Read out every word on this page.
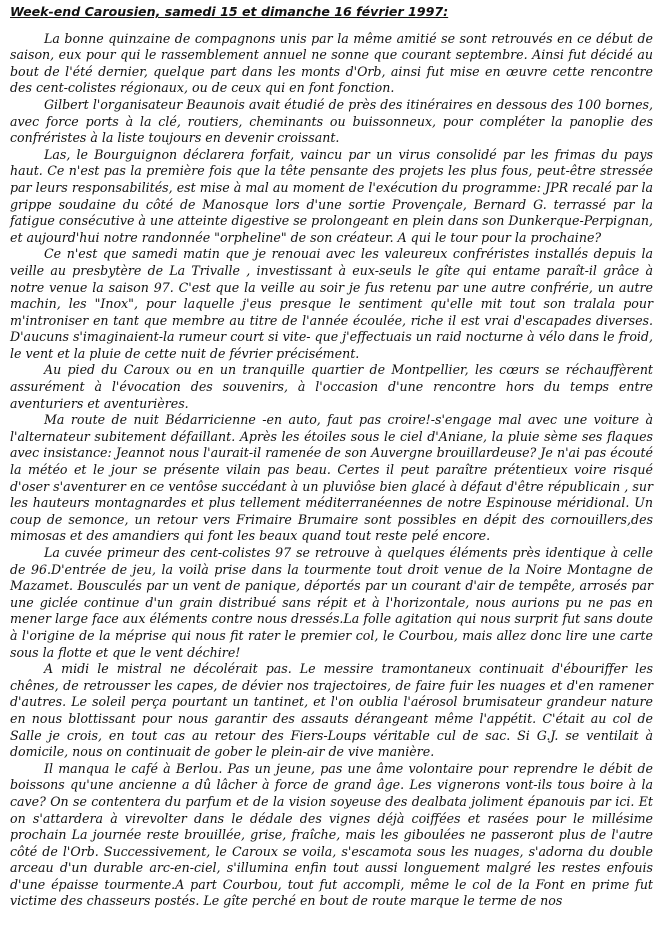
Week-end Carousien, samedi 15 et dimanche 16 février 1997:

La bonne quinzaine de compagnons unis par la même amitié se sont retrouvés en ce début de saison, eux pour qui le rassemblement annuel ne sonne que courant septembre. Ainsi fut décidé au bout de l'été dernier, quelque part dans les monts d'Orb, ainsi fut mise en œuvre cette rencontre des cent-colistes régionaux, ou de ceux qui en font fonction.

Gilbert l'organisateur Beaunois avait étudié de près des itinéraires en dessous des 100 bornes, avec force ports à la clé, routiers, cheminants ou buissonneux, pour compléter la panoplie des confréristes à la liste toujours en devenir croissant.

Las, le Bourguignon déclarera forfait, vaincu par un virus consolidé par les frimas du pays haut. Ce n'est pas la première fois que la tête pensante des projets les plus fous, peut-être stressée par leurs responsabilités, est mise à mal au moment de l'exécution du programme: JPR recalé par la grippe soudaine du côté de Manosque lors d'une sortie Provençale, Bernard G. terrassé par la fatigue consécutive à une atteinte digestive se prolongeant en plein dans son Dunkerque-Perpignan, et aujourd'hui notre randonnée "orpheline" de son créateur. A qui le tour pour la prochaine?

Ce n'est que samedi matin que je renouai avec les valeureux confréristes installés depuis la veille au presbytère de La Trivalle , investissant à eux-seuls le gîte qui entame paraît-il grâce à notre venue la saison 97. C'est que la veille au soir je fus retenu par une autre confrérie, un autre machin, les "Inox", pour laquelle j'eus presque le sentiment qu'elle mit tout son tralala pour m'introniser en tant que membre au titre de l'année écoulée, riche il est vrai d'escapades diverses. D'aucuns s'imaginaient-la rumeur court si vite- que j'effectuais un raid nocturne à vélo dans le froid, le vent et la pluie de cette nuit de février précisément.

Au pied du Caroux ou en un tranquille quartier de Montpellier, les cœurs se réchauffèrent assurément à l'évocation des souvenirs, à l'occasion d'une rencontre hors du temps entre aventuriers et aventurières.

Ma route de nuit Bédarricienne -en auto, faut pas croire!-s'engage mal avec une voiture à l'alternateur subitement défaillant. Après les étoiles sous le ciel d'Aniane, la pluie sème ses flaques avec insistance: Jeannot nous l'aurait-il ramenée de son Auvergne brouillardeuse? Je n'ai pas écouté la météo et le jour se présente vilain pas beau. Certes il peut paraître prétentieux voire risqué d'oser s'aventurer en ce ventôse succédant à un pluviôse bien glacé à défaut d'être républicain , sur les hauteurs montagnardes et plus tellement méditerranéennes de notre Espinouse méridional. Un coup de semonce, un retour vers Frimaire Brumaire sont possibles en dépit des cornouillers,des mimosas et des amandiers qui font les beaux quand tout reste pelé encore.

La cuvée primeur des cent-colistes 97 se retrouve à quelques éléments près identique à celle de 96.D'entrée de jeu, la voilà prise dans la tourmente tout droit venue de la Noire Montagne de Mazamet. Bousculés par un vent de panique, déportés par un courant d'air de tempête, arrosés par une giclée continue d'un grain distribué sans répit et à l'horizontale, nous aurions pu ne pas en mener large face aux éléments contre nous dressés.La folle agitation qui nous surprit fut sans doute à l'origine de la méprise qui nous fit rater le premier col, le Courbou, mais allez donc lire une carte sous la flotte et que le vent déchire!

A midi le mistral ne décolérait pas. Le messire tramontaneux continuait d'ébouriffer les chênes, de retrousser les capes, de dévier nos trajectoires, de faire fuir les nuages et d'en ramener d'autres. Le soleil perça pourtant un tantinet, et l'on oublia l'aérosol brumisateur grandeur nature en nous blottissant pour nous garantir des assauts dérangeant même l'appétit. C'était au col de Salle je crois, en tout cas au retour des Fiers-Loups véritable cul de sac. Si G.J. se ventilait à domicile, nous on continuait de gober le plein-air de vive manière.

Il manqua le café à Berlou. Pas un jeune, pas une âme volontaire pour reprendre le débit de boissons qu'une ancienne a dû lâcher à force de grand âge. Les vignerons vont-ils tous boire à la cave? On se contentera du parfum et de la vision soyeuse des dealbata joliment épanouis par ici. Et on s'attardera à virevolter dans le dédale des vignes déjà coiffées et rasées pour le millésime prochain La journée reste brouillée, grise, fraîche, mais les giboulées ne passeront plus de l'autre côté de l'Orb. Successivement, le Caroux se voila, s'escamota sous les nuages, s'adorna du double arceau d'un durable arc-en-ciel, s'illumina enfin tout aussi longuement malgré les restes enfouis d'une épaisse tourmente.A part Courbou, tout fut accompli, même le col de la Font en prime fut victime des chasseurs postés. Le gîte perché en bout de route marque le terme de nos
